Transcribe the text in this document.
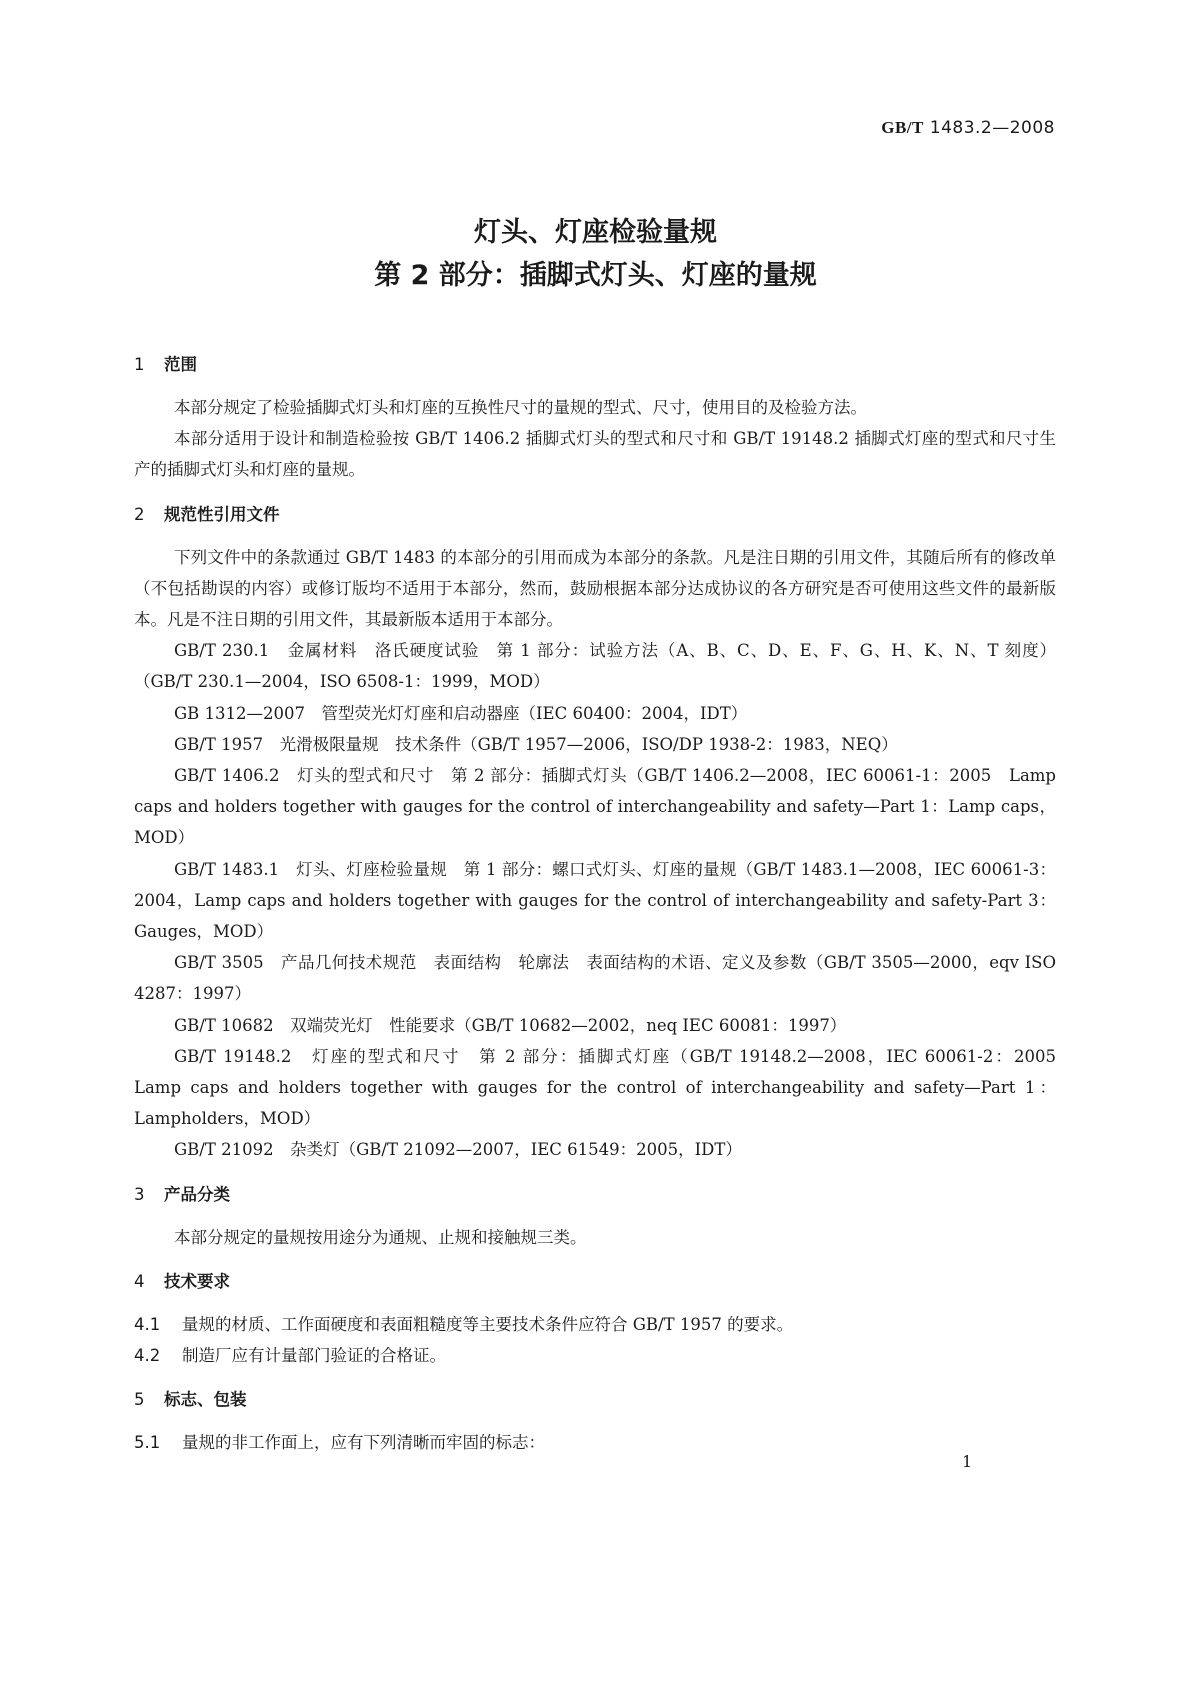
GB/T 1483.2—2008
灯头、灯座检验量规
第 2 部分：插脚式灯头、灯座的量规
1 范围

本部分规定了检验插脚式灯头和灯座的互换性尺寸的量规的型式、尺寸，使用目的及检验方法。

本部分适用于设计和制造检验按 GB/T 1406.2 插脚式灯头的型式和尺寸和 GB/T 19148.2 插脚式灯座的型式和尺寸生产的插脚式灯头和灯座的量规。

2 规范性引用文件

下列文件中的条款通过 GB/T 1483 的本部分的引用而成为本部分的条款。凡是注日期的引用文件，其随后所有的修改单（不包括勘误的内容）或修订版均不适用于本部分，然而，鼓励根据本部分达成协议的各方研究是否可使用这些文件的最新版本。凡是不注日期的引用文件，其最新版本适用于本部分。

GB/T 230.1　金属材料　洛氏硬度试验　第 1 部分：试验方法（A、B、C、D、E、F、G、H、K、N、T 刻度）（GB/T 230.1—2004，ISO 6508-1：1999，MOD）

GB 1312—2007　管型荧光灯灯座和启动器座（IEC 60400：2004，IDT）

GB/T 1957　光滑极限量规　技术条件（GB/T 1957—2006，ISO/DP 1938-2：1983，NEQ）

GB/T 1406.2　灯头的型式和尺寸　第 2 部分：插脚式灯头（GB/T 1406.2—2008，IEC 60061-1：2005　Lamp caps and holders together with gauges for the control of interchangeability and safety—Part 1：Lamp caps，MOD）

GB/T 1483.1　灯头、灯座检验量规　第 1 部分：螺口式灯头、灯座的量规（GB/T 1483.1—2008，IEC 60061-3：2004，Lamp caps and holders together with gauges for the control of interchangeability and safety-Part 3：Gauges，MOD）

GB/T 3505　产品几何技术规范　表面结构　轮廓法　表面结构的术语、定义及参数（GB/T 3505—2000，eqv ISO 4287：1997）

GB/T 10682　双端荧光灯　性能要求（GB/T 10682—2002，neq IEC 60081：1997）

GB/T 19148.2　灯座的型式和尺寸　第 2 部分：插脚式灯座（GB/T 19148.2—2008，IEC 60061-2：2005　Lamp caps and holders together with gauges for the control of interchangeability and safety—Part 1：Lampholders，MOD）

GB/T 21092　杂类灯（GB/T 21092—2007，IEC 61549：2005，IDT）

3 产品分类

本部分规定的量规按用途分为通规、止规和接触规三类。

4 技术要求

4.1 量规的材质、工作面硬度和表面粗糙度等主要技术条件应符合 GB/T 1957 的要求。

4.2 制造厂应有计量部门验证的合格证。

5 标志、包装

5.1 量规的非工作面上，应有下列清晰而牢固的标志：

1
